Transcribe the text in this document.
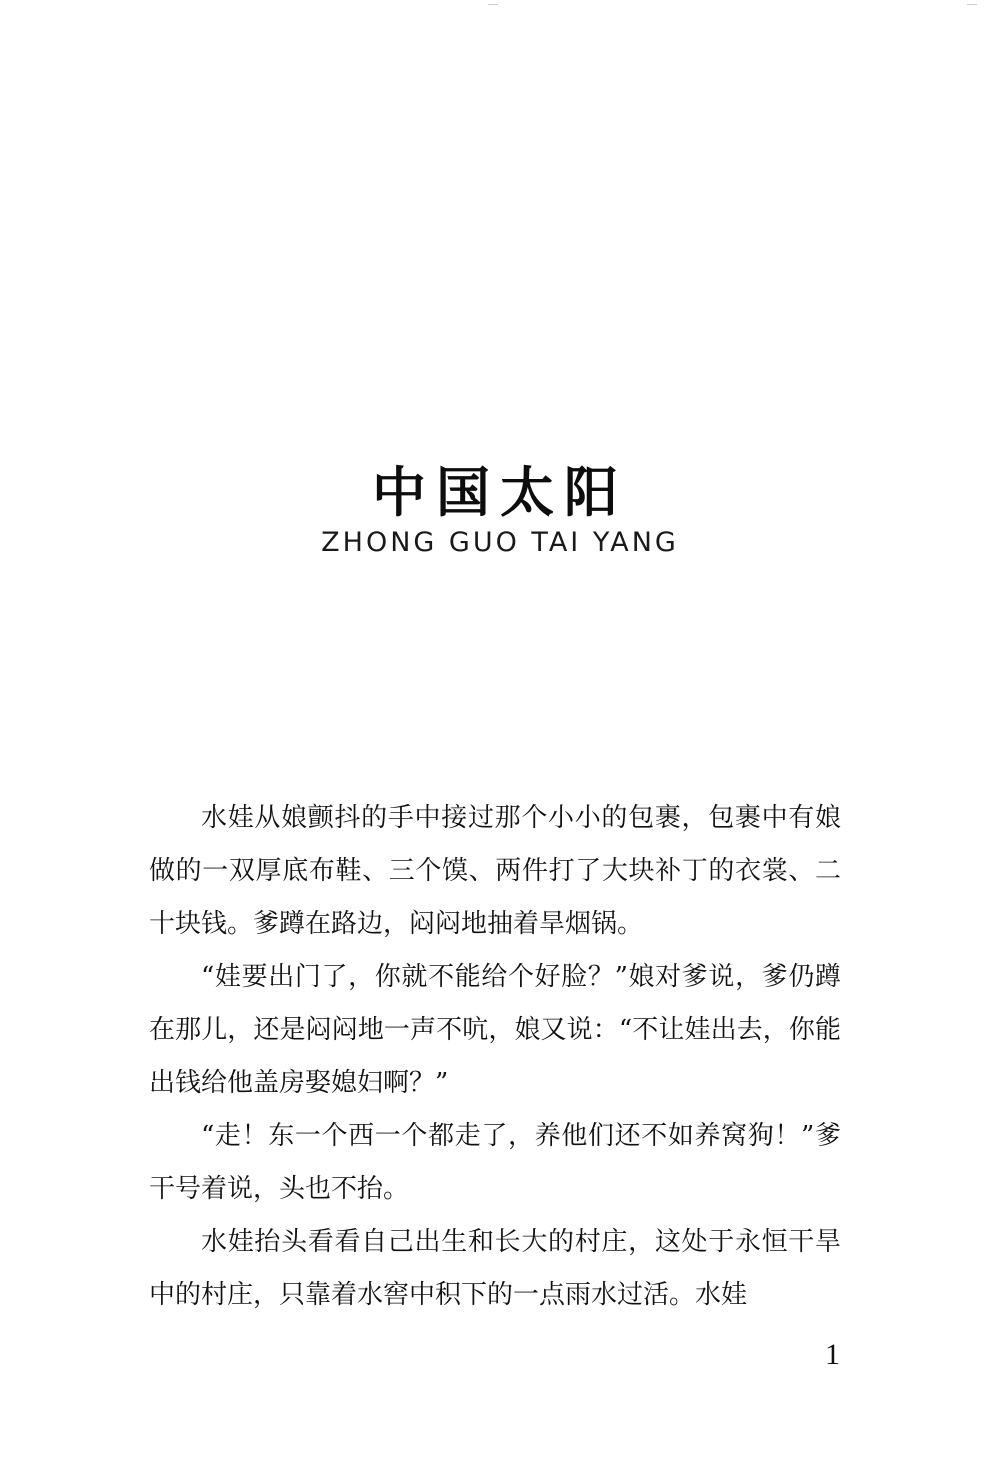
中国太阳
ZHONG GUO TAI YANG

水娃从娘颤抖的手中接过那个小小的包裹，包裹中有娘做的一双厚底布鞋、三个馍、两件打了大块补丁的衣裳、二十块钱。爹蹲在路边，闷闷地抽着旱烟锅。

“娃要出门了，你就不能给个好脸？”娘对爹说，爹仍蹲在那儿，还是闷闷地一声不吭，娘又说：“不让娃出去，你能出钱给他盖房娶媳妇啊？”

“走！东一个西一个都走了，养他们还不如养窝狗！”爹干号着说，头也不抬。

水娃抬头看看自己出生和长大的村庄，这处于永恒干旱中的村庄，只靠着水窖中积下的一点雨水过活。水娃

1
